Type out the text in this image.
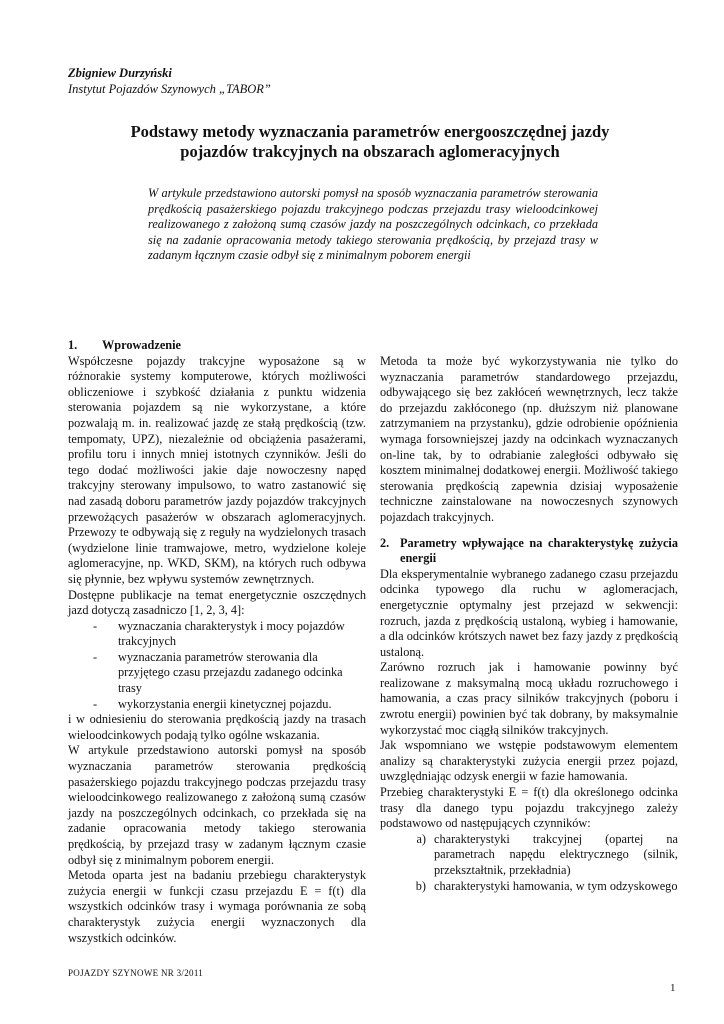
Zbigniew Durzyński
Instytut Pojazdów Szynowych „TABOR”
Podstawy metody wyznaczania parametrów energooszczędnej jazdy pojazdów trakcyjnych na obszarach aglomeracyjnych
W artykule przedstawiono autorski pomysł na sposób wyznaczania parametrów sterowania prędkością pasażerskiego pojazdu trakcyjnego podczas przejazdu trasy wieloodcinkowej realizowanego z założoną sumą czasów jazdy na poszczególnych odcinkach, co przekłada się na zadanie opracowania metody takiego sterowania prędkością, by przejazd trasy w zadanym łącznym czasie odbył się z minimalnym poborem energii

1. Wprowadzenie

Współczesne pojazdy trakcyjne wyposażone są w różnorakie systemy komputerowe, których możliwości obliczeniowe i szybkość działania z punktu widzenia sterowania pojazdem są nie wykorzystane, a które pozwalają m. in. realizować jazdę ze stałą prędkością (tzw. tempomaty, UPZ), niezależnie od obciążenia pasażerami, profilu toru i innych mniej istotnych czynników. Jeśli do tego dodać możliwości jakie daje nowoczesny napęd trakcyjny sterowany impulsowo, to watro zastanowić się nad zasadą doboru parametrów jazdy pojazdów trakcyjnych przewożących pasażerów w obszarach aglomeracyjnych. Przewozy te odbywają się z reguły na wydzielonych trasach (wydzielone linie tramwajowe, metro, wydzielone koleje aglomeracyjne, np. WKD, SKM), na których ruch odbywa się płynnie, bez wpływu systemów zewnętrznych.

Dostępne publikacje na temat energetycznie oszczędnych jazd dotyczą zasadniczo [1, 2, 3, 4]:

-	wyznaczania charakterystyk i mocy pojazdów trakcyjnych
-	wyznaczania parametrów sterowania dla przyjętego czasu przejazdu zadanego odcinka trasy
-	wykorzystania energii kinetycznej pojazdu.

i w odniesieniu do sterowania prędkością jazdy na trasach wieloodcinkowych podają tylko ogólne wskazania.

W artykule przedstawiono autorski pomysł na sposób wyznaczania parametrów sterowania prędkością pasażerskiego pojazdu trakcyjnego podczas przejazdu trasy wieloodcinkowego realizowanego z założoną sumą czasów jazdy na poszczególnych odcinkach, co przekłada się na zadanie opracowania metody takiego sterowania prędkością, by przejazd trasy w zadanym łącznym czasie odbył się z minimalnym poborem energii.

Metoda oparta jest na badaniu przebiegu charakterystyk zużycia energii w funkcji czasu przejazdu E = f(t) dla wszystkich odcinków trasy i wymaga porównania ze sobą charakterystyk zużycia energii wyznaczonych dla wszystkich odcinków.

Metoda ta może być wykorzystywania nie tylko do wyznaczania parametrów standardowego przejazdu, odbywającego się bez zakłóceń wewnętrznych, lecz także do przejazdu zakłóconego (np. dłuższym niż planowane zatrzymaniem na przystanku), gdzie odrobienie opóźnienia wymaga forsowniejszej jazdy na odcinkach wyznaczanych on-line tak, by to odrabianie zaległości odbywało się kosztem minimalnej dodatkowej energii. Możliwość takiego sterowania prędkością zapewnia dzisiaj wyposażenie techniczne zainstalowane na nowoczesnych szynowych pojazdach trakcyjnych.

2. Parametry wpływające na charakterystykę zużycia energii

Dla eksperymentalnie wybranego zadanego czasu przejazdu odcinka typowego dla ruchu w aglomeracjach, energetycznie optymalny jest przejazd w sekwencji: rozruch, jazda z prędkością ustaloną, wybieg i hamowanie, a dla odcinków krótszych nawet bez fazy jazdy z prędkością ustaloną.

Zarówno rozruch jak i hamowanie powinny być realizowane z maksymalną mocą układu rozruchowego i hamowania, a czas pracy silników trakcyjnych (poboru i zwrotu energii) powinien być tak dobrany, by maksymalnie wykorzystać moc ciągłą silników trakcyjnych.

Jak wspomniano we wstępie podstawowym elementem analizy są charakterystyki zużycia energii przez pojazd, uwzględniając odzysk energii w fazie hamowania.

Przebieg charakterystyki E = f(t) dla określonego odcinka trasy dla danego typu pojazdu trakcyjnego zależy podstawowo od następujących czynników:

a) charakterystyki trakcyjnej (opartej na parametrach napędu elektrycznego (silnik, przekształtnik, przekładnia)
b) charakterystyki hamowania, w tym odzyskowego
POJAZDY SZYNOWE NR 3/2011
1
